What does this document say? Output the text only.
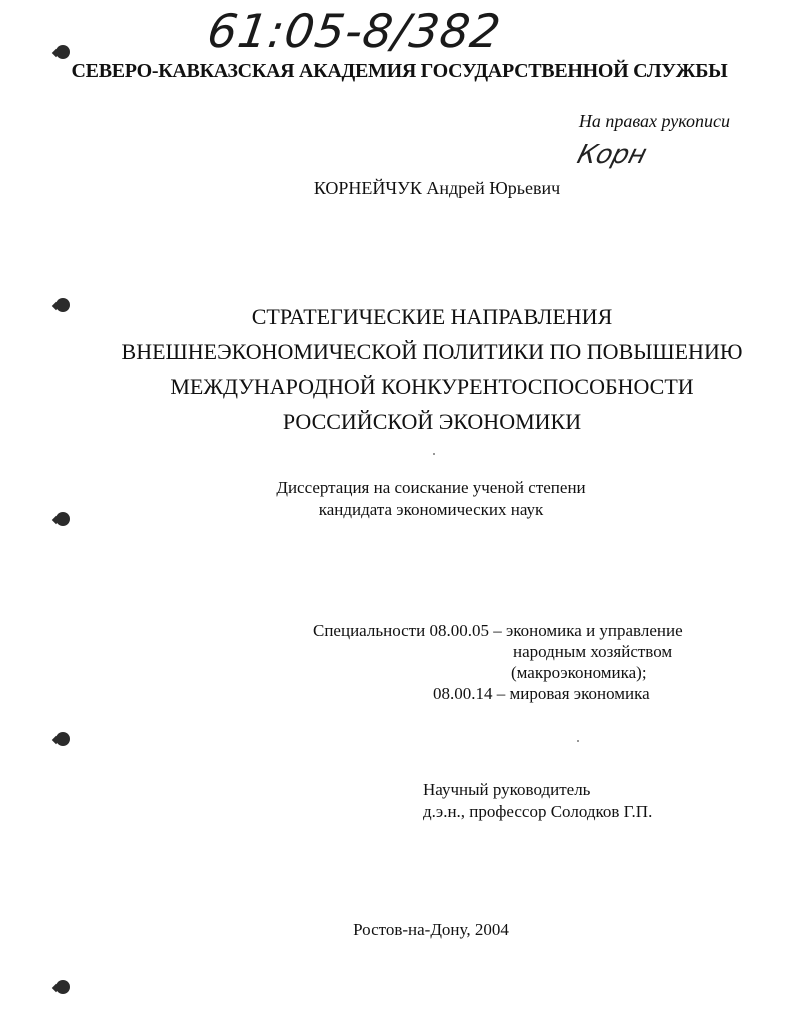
61:05-8/382
СЕВЕРО-КАВКАЗСКАЯ АКАДЕМИЯ ГОСУДАРСТВЕННОЙ СЛУЖБЫ
На правах рукописи
Корн
КОРНЕЙЧУК Андрей Юрьевич
СТРАТЕГИЧЕСКИЕ НАПРАВЛЕНИЯ
ВНЕШНЕЭКОНОМИЧЕСКОЙ ПОЛИТИКИ ПО ПОВЫШЕНИЮ
МЕЖДУНАРОДНОЙ КОНКУРЕНТОСПОСОБНОСТИ
РОССИЙСКОЙ ЭКОНОМИКИ
Диссертация на соискание ученой степени
кандидата экономических наук
Специальности 08.00.05 – экономика и управление
народным хозяйством
(макроэкономика);
08.00.14 – мировая экономика
Научный руководитель
д.э.н., профессор Солодков Г.П.
Ростов-на-Дону, 2004
